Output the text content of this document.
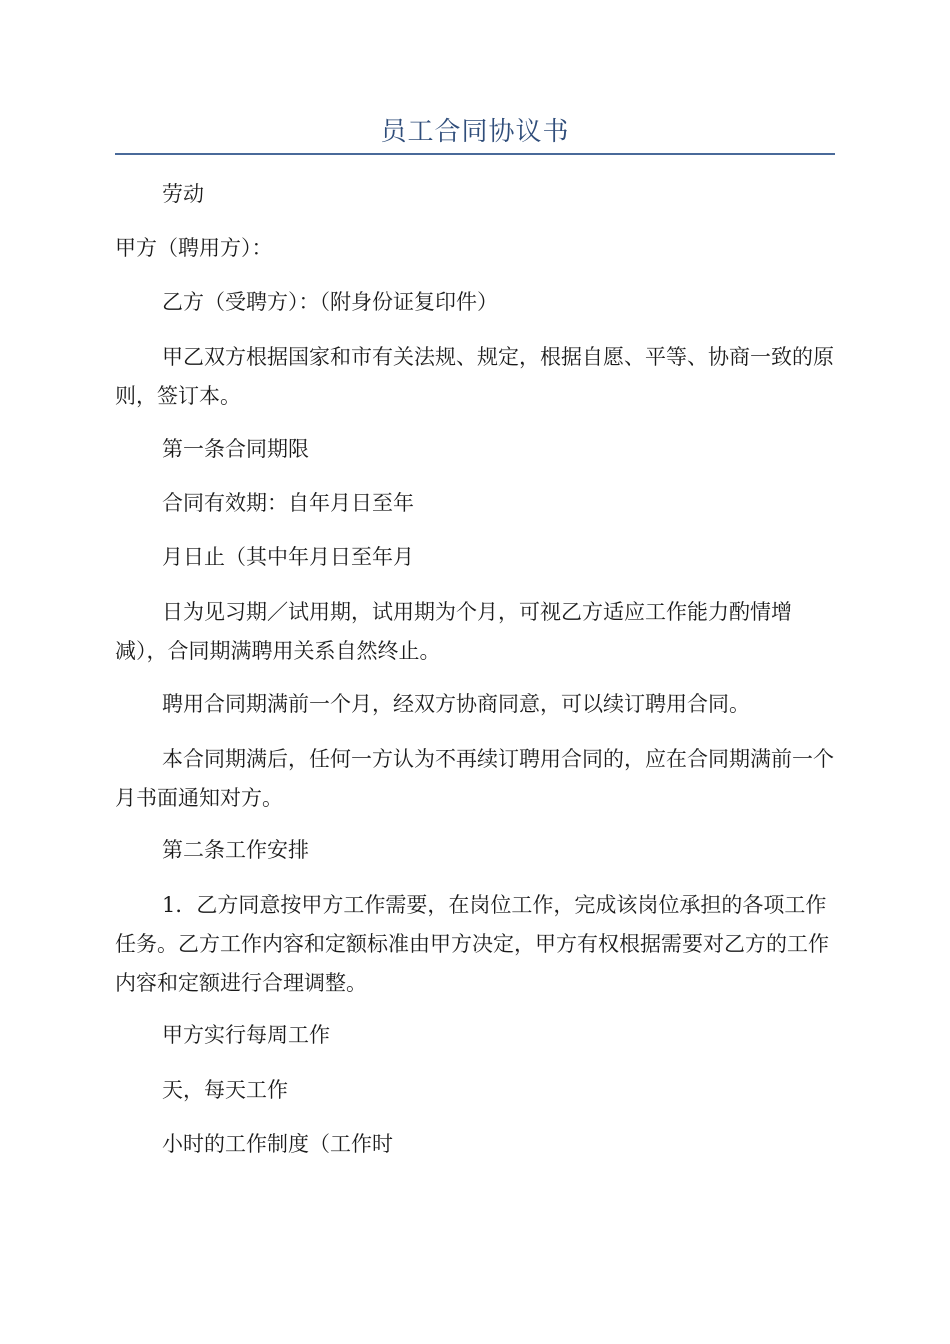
员工合同协议书

劳动

甲方（聘用方）：

乙方（受聘方）：（附身份证复印件）

甲乙双方根据国家和市有关法规、规定，根据自愿、平等、协商一致的原则，签订本。

第一条合同期限

合同有效期：自年月日至年

月日止（其中年月日至年月

日为见习期／试用期，试用期为个月，可视乙方适应工作能力酌情增减），合同期满聘用关系自然终止。

聘用合同期满前一个月，经双方协商同意，可以续订聘用合同。

本合同期满后，任何一方认为不再续订聘用合同的，应在合同期满前一个月书面通知对方。

第二条工作安排

1．乙方同意按甲方工作需要，在岗位工作，完成该岗位承担的各项工作任务。乙方工作内容和定额标准由甲方决定，甲方有权根据需要对乙方的工作内容和定额进行合理调整。

甲方实行每周工作

天，每天工作

小时的工作制度（工作时
